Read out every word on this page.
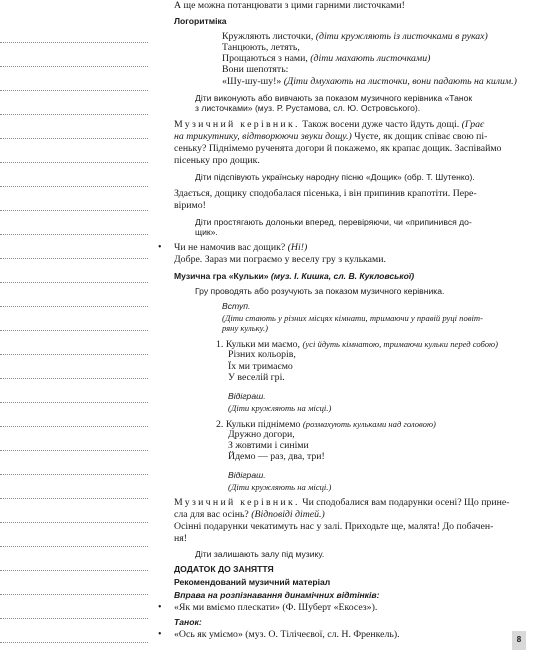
А ще можна потанцювати з цими гарними листочками!
Логоритміка
Кружляють листочки, (діти кружляють із листочками в руках)
Танцюють, летять,
Прощаються з нами, (діти махають листочками)
Вони шепотять:
«Шу-шу-шу!» (Діти дмухають на листочки, вони падають на килим.)
Діти виконують або вивчають за показом музичного керівника «Танок
з листочками» (муз. Р. Рустамова, сл. Ю. Островського).
Музичний керівник. Також восени дуже часто йдуть дощі. (Грає
на трикутнику, відтворюючи звуки дощу.) Чуєте, як дощик співає свою пі-
сеньку? Піднімемо рученята догори й покажемо, як крапає дощик. Заспіваймо
пісеньку про дощик.
Діти підспівують українську народну пісню «Дощик» (обр. Т. Шутенко).
Здається, дощику сподобалася пісенька, і він припинив крапотіти. Пере-
віримо!
Діти простягають долоньки вперед, перевіряючи, чи «припинився до-
щик».
• Чи не намочив вас дощик? (Ні!)
Добре. Зараз ми пограємо у веселу гру з кульками.
Музична гра «Кульки» (муз. І. Кишка, сл. В. Кукловської)
Гру проводять або розучують за показом музичного керівника.
Вступ.
(Діти стають у різних місцях кімнати, тримаючи у правій руці повіт-
ряну кульку.)
1. Кульки ми маємо, (усі йдуть кімнатою, тримаючи кульки перед собою)
Різних кольорів,
Їх ми тримаємо
У веселій грі.
Відіграш.
(Діти кружляють на місці.)
2. Кульки піднімемо (розмахують кульками над головою)
Дружно догори,
З жовтими і синіми
Йдемо — раз, два, три!
Відіграш.
(Діти кружляють на місці.)
Музичний керівник. Чи сподобалися вам подарунки осені? Що прине-
сла для вас осінь? (Відповіді дітей.)
Осінні подарунки чекатимуть нас у залі. Приходьте ще, малята! До побачен-
ня!
Діти залишають залу під музику.
ДОДАТОК ДО ЗАНЯТТЯ
Рекомендований музичний матеріал
Вправа на розпізнавання динамічних відтінків:
• «Як ми вміємо плескати» (Ф. Шуберт «Екосез»).
Танок:
• «Ось як уміємо» (муз. О. Тілічеєвої, сл. Н. Френкель).	8
